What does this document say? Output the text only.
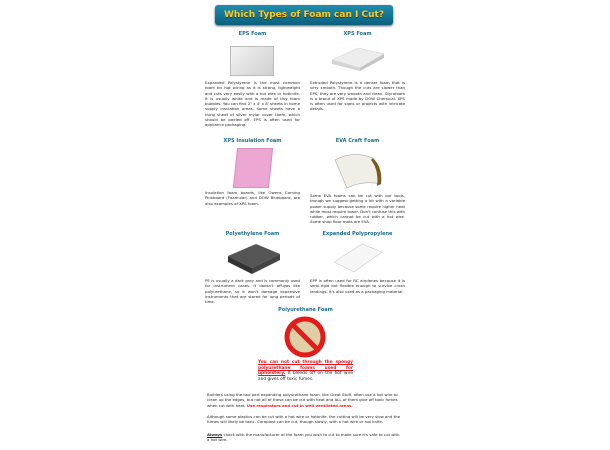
Which Types of Foam can I Cut?
EPS Foam
Expanded Polystyrene is the most common foam for hot wiring as it is strong, lightweight and cuts very easily with a hot wire or hotknife. It is usually white and is made of tiny foam bubbles. You can find 2" x 4' x 8' sheets in home supply insulation areas. Some sheets have a thing sheet of silver mylar cover them, which should be peeled off. EPS is often used for appliance packaging.
XPS Foam
Extruded Polystyrene is a denser foam that is very smooth. Though the cuts are slower than EPS, they are very smooth and clean. Styrofoam is a brand of XPS made by DOW Chemical. XPS is often used for signs or projects with intricate details.
XPS Insulation Foam
Insulation foam boards, like Owens Corning Pinkboard (Foamular) and DOW Blueboard, are also examples of XPS foam.
EVA Craft Foam
Some EVA foams can be cut with our tools, though we suggest getting a kit with a variable power supply because some require higher heat while most require lower. Don't confuse this with rubber, which cannot be cut with a hot wire. Some shop floor mats are EVA.
Polyethylene Foam
PE is usually a dark gray and is commonly used for instrument cases. It doesn't off-gas like polyurethane, so it won't damage expensive instruments that are stored for long periods of time.
Expanded Polypropylene
EPP is often used for RC airplanes because it is semi-rigid but flexible enough to survive crash landings. It's also used as a packaging material.
Polyurethane Foam
You can not cut through the spongy polyurethane foams used for upholstery. It bleeds off on the hot wire and gives off toxic fumes.
Builders using the two part expanding polyurethane foam, like Great Stuff, often use a hot wire to clean up the edges, but not all of these can be cut with heat and ALL of them give off toxic fumes when cut with heat. Use respirators and cut in well ventilated areas.
Although some plastics can be cut with a hot wire or hotknife, the cutting will be very slow and the fumes will likely be toxic. Coroplast can be cut, though slowly, with a hot wire or hot knife.
Always check with the manufacturer of the foam you wish to cut to make sure it's safe to cut with a hot wire.
